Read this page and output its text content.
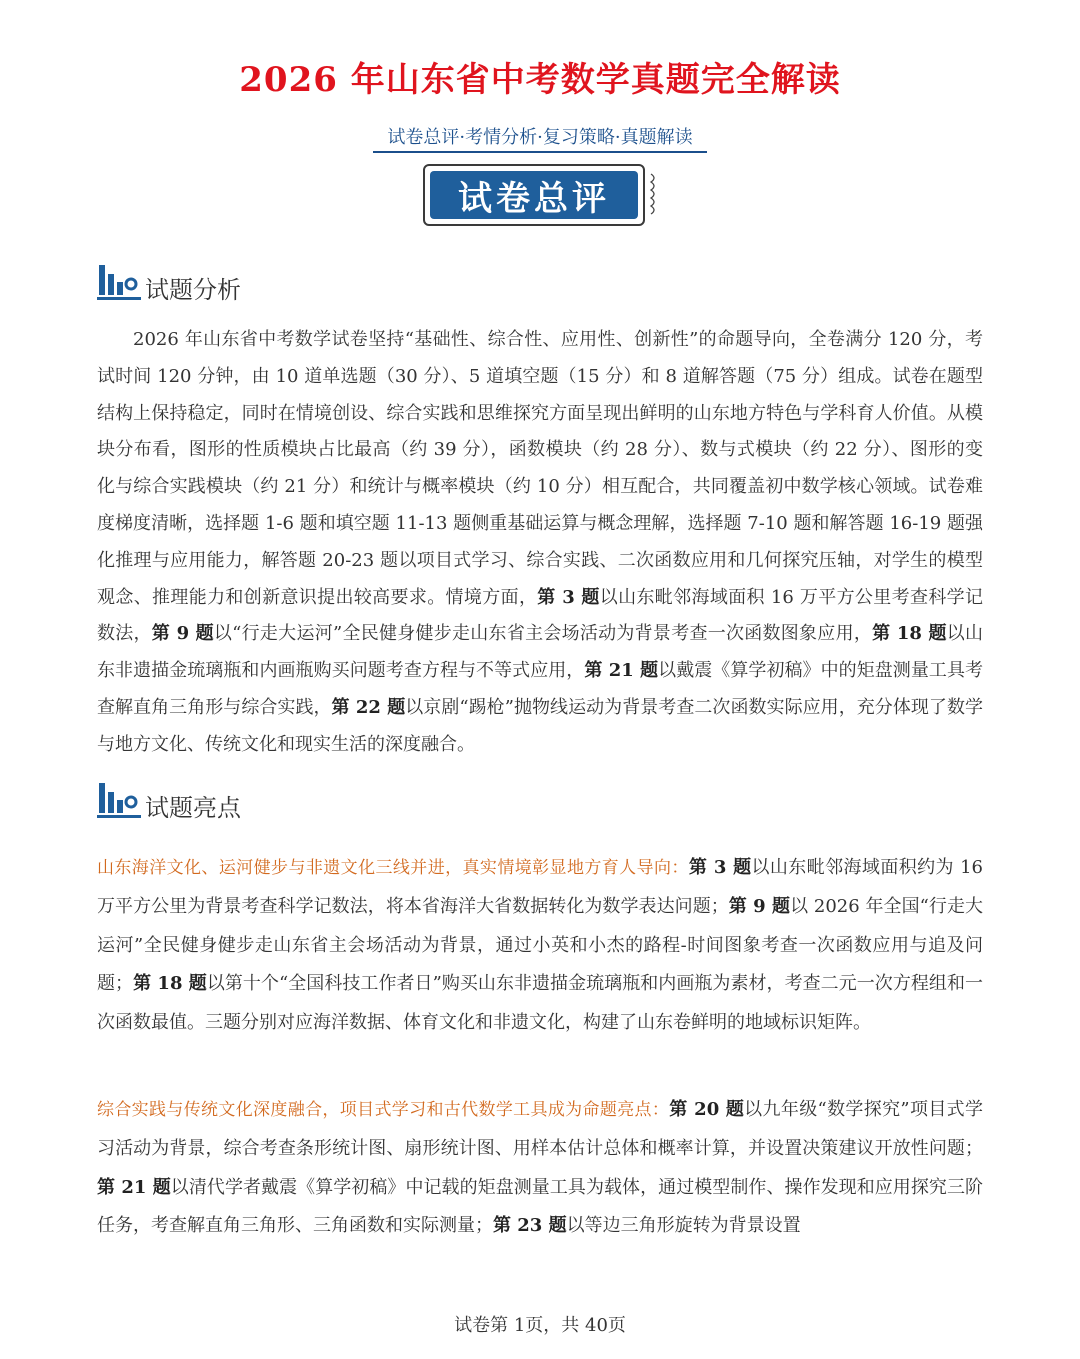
2026 年山东省中考数学真题完全解读
试卷总评·考情分析·复习策略·真题解读
试卷总评
试题分析
2026 年山东省中考数学试卷坚持“基础性、综合性、应用性、创新性”的命题导向，全卷满分 120 分，考试时间 120 分钟，由 10 道单选题（30 分）、5 道填空题（15 分）和 8 道解答题（75 分）组成。试卷在题型结构上保持稳定，同时在情境创设、综合实践和思维探究方面呈现出鲜明的山东地方特色与学科育人价值。从模块分布看，图形的性质模块占比最高（约 39 分），函数模块（约 28 分）、数与式模块（约 22 分）、图形的变化与综合实践模块（约 21 分）和统计与概率模块（约 10 分）相互配合，共同覆盖初中数学核心领域。试卷难度梯度清晰，选择题 1-6 题和填空题 11-13 题侧重基础运算与概念理解，选择题 7-10 题和解答题 16-19 题强化推理与应用能力，解答题 20-23 题以项目式学习、综合实践、二次函数应用和几何探究压轴，对学生的模型观念、推理能力和创新意识提出较高要求。情境方面，第 3 题以山东毗邻海域面积 16 万平方公里考查科学记数法，第 9 题以“行走大运河”全民健身健步走山东省主会场活动为背景考查一次函数图象应用，第 18 题以山东非遗描金琉璃瓶和内画瓶购买问题考查方程与不等式应用，第 21 题以戴震《算学初稿》中的矩盘测量工具考查解直角三角形与综合实践，第 22 题以京剧“踢枪”抛物线运动为背景考查二次函数实际应用，充分体现了数学与地方文化、传统文化和现实生活的深度融合。
试题亮点
山东海洋文化、运河健步与非遗文化三线并进，真实情境彰显地方育人导向：第 3 题以山东毗邻海域面积约为 16 万平方公里为背景考查科学记数法，将本省海洋大省数据转化为数学表达问题；第 9 题以 2026 年全国“行走大运河”全民健身健步走山东省主会场活动为背景，通过小英和小杰的路程-时间图象考查一次函数应用与追及问题；第 18 题以第十个“全国科技工作者日”购买山东非遗描金琉璃瓶和内画瓶为素材，考查二元一次方程组和一次函数最值。三题分别对应海洋数据、体育文化和非遗文化，构建了山东卷鲜明的地域标识矩阵。
综合实践与传统文化深度融合，项目式学习和古代数学工具成为命题亮点：第 20 题以九年级“数学探究”项目式学习活动为背景，综合考查条形统计图、扇形统计图、用样本估计总体和概率计算，并设置决策建议开放性问题；第 21 题以清代学者戴震《算学初稿》中记载的矩盘测量工具为载体，通过模型制作、操作发现和应用探究三阶任务，考查解直角三角形、三角函数和实际测量；第 23 题以等边三角形旋转为背景设置
试卷第 1页，共 40页
